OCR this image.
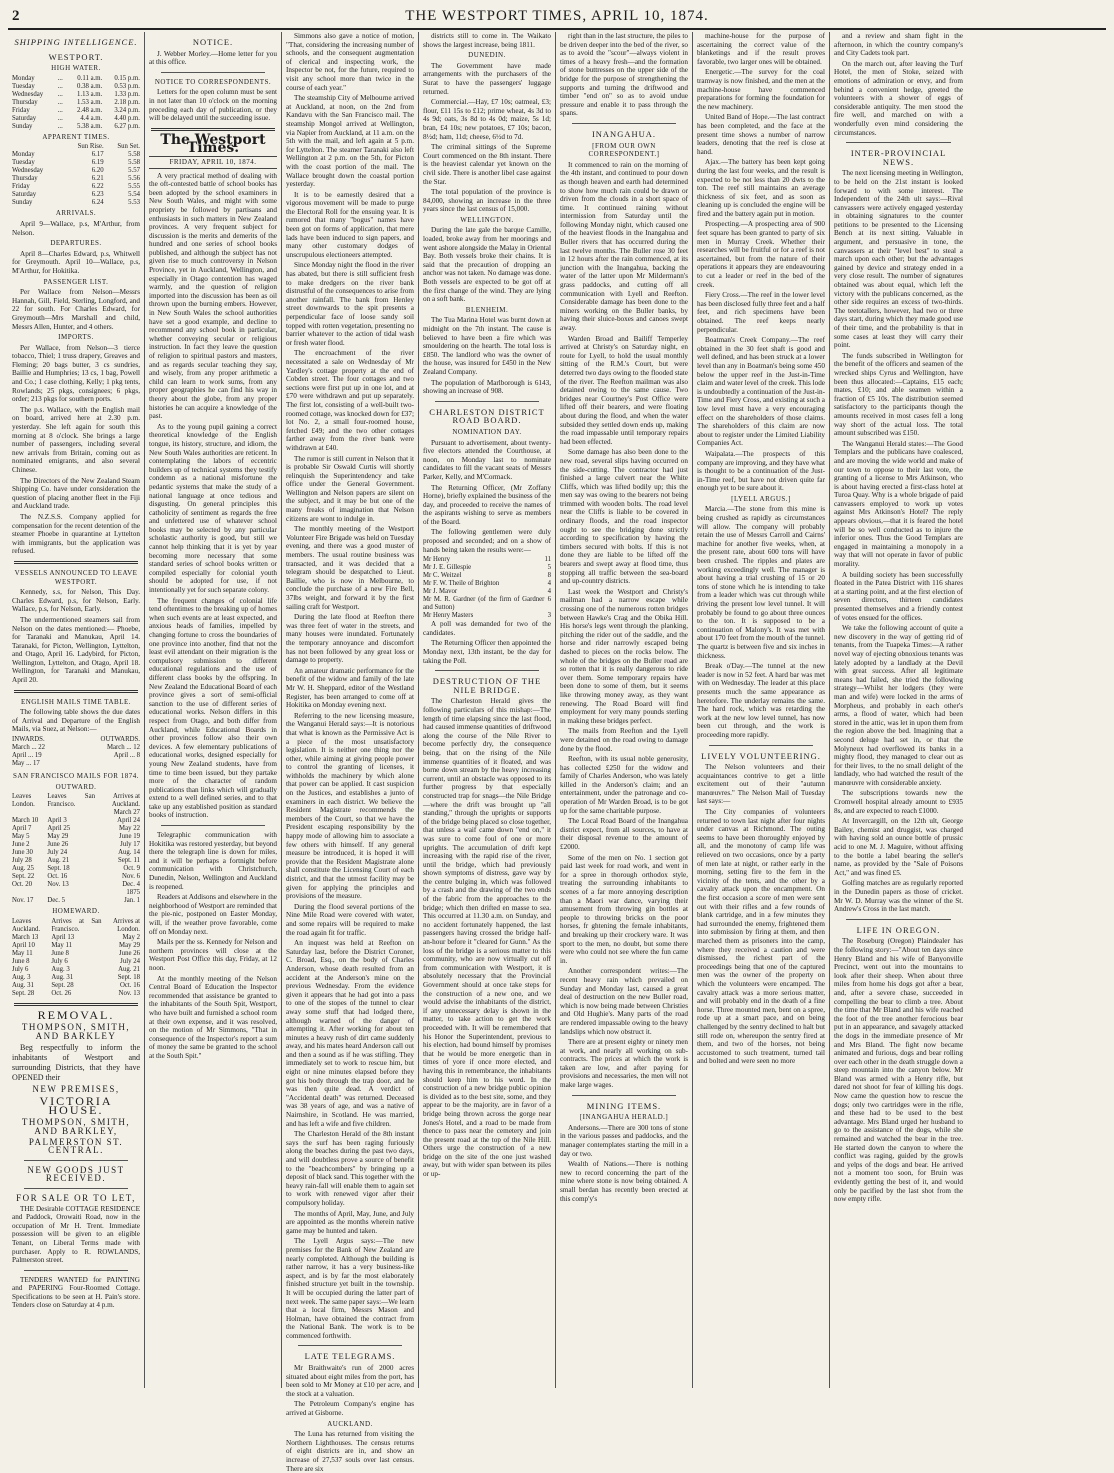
2	THE WESTPORT TIMES, APRIL 10, 1874.
SHIPPING INTELLIGENCE.
WESTPORT.
HIGH WATER.
Monday	...	0.11 a.m.	0.15 p.m.
Tuesday	...	0.38 a.m.	0.53 p.m.
Wednesday	...	1.13 a.m.	1.33 p.m.
Thursday	...	1.53 a.m.	2.18 p.m.
Friday	...	2.48 a.m.	3.24 p.m.
Saturday	...	4.4 a.m.	4.40 p.m.
Sunday	...	5.38 a.m.	6.27 p.m.
APPARENT TIMES.
	Sun Rise.	Sun Set.
Monday	6.17	5.58
Tuesday	6.19	5.58
Wednesday	6.20	5.57
Thursday	6.21	5.56
Friday	6.22	5.55
Saturday	6.23	5.54
Sunday	6.24	5.53
ARRIVALS.

April 9—Wallace, p.s, M'Arthur, from Nelson.

DEPARTURES.

April 8—Charles Edward, p.s, Whitwell for Greymouth. April 10—Wallace, p.s, M'Arthur, for Hokitika.

PASSENGER LIST.

Per Wallace from Nelson—Messrs Hannah, Gill, Field, Sterling, Longford, and 22 for south. For Charles Edward, for Greymouth—Mrs Marshall and child, Messrs Allen, Hunter, and 4 others.

IMPORTS.

Per Wallace, from Nelson—3 tierce tobacco, Thiel; 1 truss drapery, Greaves and Fleming; 20 bags butter, 3 cs sundries, Baillie and Humphries; 13 cs, 1 bag, Powell and Co.; 1 case clothing, Kelly; 1 pkg tents, Rowlands; 25 pkgs, consignees; 6 pkgs, order; 213 pkgs for southern ports.

The p.s. Wallace, with the English mail on board, arrived here at 2.30 p.m. yesterday. She left again for south this morning at 8 o'clock. She brings a large number of passengers, including several new arrivals from Britain, coming out as nominated emigrants, and also several Chinese.

The Directors of the New Zealand Steam Shipping Co. have under consideration the question of placing another fleet in the Fiji and Auckland trade.

The N.Z.S.S. Company applied for compensation for the recent detention of the steamer Phoebe in quarantine at Lyttelton with immigrants, but the application was refused.

VESSELS ANNOUNCED TO LEAVE WESTPORT.

Kennedy, s.s, for Nelson, This Day. Charles Edward, p.s, for Nelson, Early. Wallace, p.s, for Nelson, Early.

The undermentioned steamers sail from Nelson on the dates mentioned:— Phoebe, for Taranaki and Manukau, April 14. Taranaki, for Picton, Wellington, Lyttelton, and Otago, April 16. Ladybird, for Picton, Wellington, Lyttelton, and Otago, April 18. Wellington, for Taranaki and Manukau, April 20.

ENGLISH MAILS TIME TABLE.

The following table shows the due dates of Arrival and Departure of the English Mails, via Suez, at Nelson:—

INWARDS.	OUTWARDS.
March ... 22	March ... 12
April ... 19	April ... 8
May ... 17	
SAN FRANCISCO MAILS FOR 1874.
OUTWARD.
Leaves London.	Leaves San Francisco.	Arrives at Auckland.
		March 27
March 10	April 3	April 24
April 7	April 25	May 22
May 5	May 29	June 19
June 2	June 26	July 17
June 30	July 24	Aug. 14
July 28	Aug. 21	Sept. 11
Aug. 25	Sept. 18	Oct. 9
Sept. 22	Oct. 16	Nov. 6
Oct. 20	Nov. 13	Dec. 4
		1875
Nov. 17	Dec. 5	Jan. 1
HOMEWARD.
Leaves Auckland.	Arrives at San Francisco.	Arrives at London.
March 13	April 13	May 2
April 10	May 11	May 29
May 11	June 8	June 26
June 8	July 6	July 24
July 6	Aug. 3	Aug. 21
Aug. 3	Aug. 31	Sept. 18
Aug. 31	Sept. 28	Oct. 16
Sept. 28	Oct. 26	Nov. 13
REMOVAL.
THOMPSON, SMITH, AND BARKLEY

Beg respectfully to inform the inhabitants of Westport and surrounding Districts, that they have OPENED their

NEW PREMISES,
VICTORIA HOUSE.
THOMPSON, SMITH, AND BARKLEY,
PALMERSTON ST. CENTRAL.
NEW GOODS JUST RECEIVED.
FOR SALE OR TO LET,

THE Desirable COTTAGE RESIDENCE and Paddock, Orowaiti Road, now in the occupation of Mr H. Trent. Immediate possession will be given to an eligible Tenant, on Liberal Terms made with purchaser. Apply to R. ROWLANDS, Palmerston street.

TENDERS WANTED for PAINTING and PAPERING Four-Roomed Cottage. Specifications to be seen at H. Pain's store. Tenders close on Saturday at 4 p.m.

NOTICE.

J. Webber Morley.—Home letter for you at this office.

NOTICE TO CORRESPONDENTS.

Letters for the open column must be sent in not later than 10 o'clock on the morning preceding each day of publication, or they will be delayed until the succeeding issue.

The Westport Times.
FRIDAY, APRIL 10, 1874.

A very practical method of dealing with the oft-contested battle of school books has been adopted by the school examiners in New South Wales, and might with some propriety be followed by partisans and enthusiasts in such matters in New Zealand provinces. A very frequent subject for discussion is the merits and demerits of the hundred and one series of school books published, and although the subject has not given rise to much controversy in Nelson Province, yet in Auckland, Wellington, and especially in Otago contention has waged warmly, and the question of religion imported into the discussion has been as oil thrown upon the burning embers. However, in New South Wales the school authorities have set a good example, and decline to recommend any school book in particular, whether conveying secular or religious instruction. In fact they leave the question of religion to spiritual pastors and masters, and as regards secular teaching they say, and wisely, from any proper arithmetic a child can learn to work sums, from any proper geographies he can find his way in theory about the globe, from any proper histories he can acquire a knowledge of the past.

As to the young pupil gaining a correct theoretical knowledge of the English tongue, its history, structure, and idiom, the New South Wales authorities are reticent. In contemplating the labors of eccentric builders up of technical systems they testify condemn as a national misfortune the pedantic systems that make the study of a national language at once tedious and disgusting. On general principles this catholicity of sentiment as regards the free and unfettered use of whatever school books may be selected by any particular scholastic authority is good, but still we cannot help thinking that it is yet by year becoming more necessary that some standard series of school books written or compiled especially for colonial youth should be adopted for use, if not intentionally yet for such separate colony.

The frequent changes of colonial life tend oftentimes to the breaking up of homes when such events are at least expected, and anxious heads of families, impelled by changing fortune to cross the boundaries of one province into another, find that not the least evil attendant on their migration is the compulsory submission to different educational regulations and the use of different class books by the offspring. In New Zealand the Educational Board of each province gives a sort of semi-official sanction to the use of different series of educational works. Nelson differs in this respect from Otago, and both differ from Auckland, while Educational Boards in other provinces follow also their own devices. A few elementary publications of educational works, designed especially for young New Zealand students, have from time to time been issued, but they partake more of the character of random publications than links which will gradually extend to a well defined series, and to that take up any established position as standard books of instruction.

Telegraphic communication with Hokitika was restored yesterday, but beyond there the telegraph line is down for miles, and it will be perhaps a fortnight before communication with Christchurch, Dunedin, Nelson, Wellington and Auckland is reopened.

Readers at Addisons and elsewhere in the neighborhood of Westport are reminded that the pie-nic, postponed on Easter Monday, will, if the weather prove favorable, come off on Monday next.

Mails per the ss. Kennedy for Nelson and northern provinces will close at the Westport Post Office this day, Friday, at 12 noon.

At the monthly meeting of the Nelson Central Board of Education the Inspector recommended that assistance be granted to the inhabitants of the South Spit, Westport, who have built and furnished a school room at their own expense, and it was resolved, on the motion of Mr Simmons, "That in consequence of the Inspector's report a sum of money the same be granted to the school at the South Spit."

Simmons also gave a notice of motion, "That, considering the increasing number of schools, and the consequent augmentation of clerical and inspecting work, the Inspector be not, for the future, required to visit any school more than twice in the course of each year."

The steamship City of Melbourne arrived at Auckland, at noon, on the 2nd from Kandavu with the San Francisco mail. The steamship Mongol arrived at Wellington, via Napier from Auckland, at 11 a.m. on the 5th with the mail, and left again at 5 p.m. for Lyttelton. The steamer Taranaki also left Wellington at 2 p.m. on the 5th, for Picton with the coast portion of the mail. The Wallace brought down the coastal portion yesterday.

It is to be earnestly desired that a vigorous movement will be made to purge the Electoral Roll for the ensuing year. It is rumored that many "bogus" names have been got on forms of application, that mere lads have been induced to sign papers, and many other customary dodges of unscrupulous electioneers attempted.

Since Monday night the flood in the river has abated, but there is still sufficient fresh to make dredgers on the river bank distrustful of the consequences to arise from another rainfall. The bank from Henley street downwards to the spit presents a perpendicular face of loose sandy soil topped with rotten vegetation, presenting no barrier whatever to the action of tidal wash or fresh water flood.

The encroachment of the river necessitated a sale on Wednesday of Mr Yardley's cottage property at the end of Cobden street. The four cottages and two sections were first put up in one lot, and at £70 were withdrawn and put up separately. The first lot, consisting of a well-built two-roomed cottage, was knocked down for £37; lot No. 2, a small four-roomed house, fetched £49; and the two other cottages farther away from the river bank were withdrawn at £40.

The rumor is still current in Nelson that it is probable Sir Oswald Curtis will shortly relinquish the Superintendency and take office under the General Government. Wellington and Nelson papers are silent on the subject, and it may be but one of the many freaks of imagination that Nelson citizens are wont to indulge in.

The monthly meeting of the Westport Volunteer Fire Brigade was held on Tuesday evening, and there was a good muster of members. The usual routine business was transacted, and it was decided that a telegram should be despatched to Lieut. Baillie, who is now in Melbourne, to conclude the purchase of a new Fire Bell, 37lbs weight, and forward it by the first sailing craft for Westport.

During the late flood at Reefton there was three feet of water in the streets, and many houses were inundated. Fortunately the temporary annoyance and discomfort has not been followed by any great loss or damage to property.

An amateur dramatic performance for the benefit of the widow and family of the late Mr W. H. Sheppard, editor of the Westland Register, has been arranged to come off at Hokitika on Monday evening next.

Referring to the new licensing measure, the Wanganui Herald says:—It is notorious that what is known as the Permissive Act is a piece of the most unsatisfactory legislation. It is neither one thing nor the other, while aiming at giving people power to control the granting of licenses, it withholds the machinery by which alone that power can be applied. It cast suspicion on the Justices, and establishes a junto of examiners in each district. We believe the Resident Magistrate recommends the members of the Court, so that we have the President escaping responsibility by the happy mode of allowing him to associate a few others with himself. If any general measure be introduced, it is hoped it will provide that the Resident Magistrate alone shall constitute the Licensing Court of each district, and that the utmost facility may be given for applying the principles and provisions of the measure.

During the flood several portions of the Nine Mile Road were covered with water, and some repairs will be required to make the road again fit for traffic.

An inquest was held at Reefton on Saturday last, before the District Coroner, C. Broad, Esq., on the body of Charles Anderson, whose death resulted from an accident at the Anderson's mine on the previous Wednesday. From the evidence given it appears that he had got into a pass to one of the stopes of the tunnel to clear away some stuff that had lodged there, although warned of the danger of attempting it. After working for about ten minutes a heavy rush of dirt came suddenly away, and his mates heard Anderson call out and then a sound as if he was stifling. They immediately set to work to rescue him, but eight or nine minutes elapsed before they got his body through the trap door, and he was then quite dead. A verdict of "Accidental death" was returned. Deceased was 38 years of age, and was a native of Nairnshire, in Scotland. He was married, and has left a wife and five children.

The Charleston Herald of the 8th instant says the surf has been raging furiously along the beaches during the past two days, and will doubtless prove a source of benefit to the "beachcombers" by bringing up a deposit of black sand. This together with the heavy rain-fall will enable them to again set to work with renewed vigor after their compulsory holiday.

The months of April, May, June, and July are appointed as the months wherein native game may be hunted and taken.

The Lyell Argus says:—The new premises for the Bank of New Zealand are nearly completed. Although the building is rather narrow, it has a very business-like aspect, and is by far the most elaborately finished structure yet built in the township. It will be occupied during the latter part of next week. The same paper says:—We learn that a local firm, Messrs Mason and Holman, have obtained the contract from the National Bank. The work is to be commenced forthwith.

LATE TELEGRAMS.

Mr Braithwaite's run of 2000 acres situated about eight miles from the port, has been sold to Mr Money at £10 per acre, and the stock at a valuation.

The Petroleum Company's engine has arrived at Gisborne.

AUCKLAND.

The Luna has returned from visiting the Northern Lighthouses. The census returns of eight districts are in, and show an increase of 27,537 souls over last census. There are six

districts still to come in. The Waikato shows the largest increase, being 1811.

DUNEDIN.

The Government have made arrangements with the purchasers of the Surat to have the passengers' luggage returned.

Commercial.—Hay, £7 10s; oatmeal, £3; flour, £11 15s to £12; prime wheat, 4s 3d to 4s 9d; oats, 3s 8d to 4s 0d; maize, 5s 1d; bran, £4 10s; new potatoes, £7 10s; bacon, 8½d; ham, 11d; cheese, 6½d to 7d.

The criminal sittings of the Supreme Court commenced on the 8th instant. There is the heaviest calendar yet known on the civil side. There is another libel case against the Star.

The total population of the province is 84,000, showing an increase in the three years since the last census of 15,000.

WELLINGTON.

During the late gale the barque Camille, loaded, broke away from her moorings and went ashore alongside the Malay in Oriental Bay. Both vessels broke their chains. It is said that the precaution of dropping an anchor was not taken. No damage was done. Both vessels are expected to be got off at the first change of the wind. They are lying on a soft bank.

BLENHEIM.

The Tua Marina Hotel was burnt down at midnight on the 7th instant. The cause is believed to have been a fire which was smouldering on the hearth. The total loss is £850. The landlord who was the owner of the house, was insured for £450 in the New Zealand Company.

The population of Marlborough is 6143, showing an increase of 908.

CHARLESTON DISTRICT ROAD BOARD.
NOMINATION DAY.

Pursuant to advertisement, about twenty-five electors attended the Courthouse, at noon, on Monday last to nominate candidates to fill the vacant seats of Messrs Parker, Kelly, and M'Cormack.

The Returning Officer, (Mr Zoffany Horne), briefly explained the business of the day, and proceeded to receive the names of the aspirants wishing to serve as members of the Board.

The following gentlemen were duly proposed and seconded; and on a show of hands being taken the results were:—

Mr Henry	11
Mr J. E. Gillespie	5
Mr C. Weitzel	8
Mr F. W. Theile of Brighton	4
Mr J. Mavor	4
Mr M. R. Gardner (of the firm of Gardner and Sutton)	6
Mr Henry Masters	3

A poll was demanded for two of the candidates.

The Returning Officer then appointed the Monday next, 13th instant, be the day for taking the Poll.

DESTRUCTION OF THE NILE BRIDGE.

The Charleston Herald gives the following particulars of this mishap:—The length of time elapsing since the last flood, had caused immense quantities of driftwood along the course of the Nile River to become perfectly dry, the consequence being, that on the rising of the Nile immense quantities of it floated, and was borne down stream by the heavy increasing current, until an obstacle was opposed to its further progress by that especially constructed trap for snags—the Nile Bridge—where the drift was brought up "all standing," through the uprights or supports of the bridge being placed so close together, that unless a waif came down "end on," it was sure to come foul of one or more uprights. The accumulation of drift kept increasing with the rapid rise of the river, until the bridge, which had previously shown symptoms of distress, gave way by the centre bulging in, which was followed by a crash and the drawing of the two ends of the fabric from the approaches to the bridge; which then drifted en masse to sea. This occurred at 11.30 a.m. on Sunday, and no accident fortunately happened, the last passengers having crossed the bridge half-an-hour before it "cleared for Gunn." As the loss of the bridge is a serious matter to this community, who are now virtually cut off from communication with Westport, it is absolutely necessary that the Provincial Government should at once take steps for the construction of a new one, and we would advise the inhabitants of the district, if any unnecessary delay is shown in the matter, to take action to get the work proceeded with. It will be remembered that his Honor the Superintendent, previous to his election, had bound himself by promises that he would be more energetic than in times of yore if once more elected, and having this in remembrance, the inhabitants should keep him to his word. In the construction of a new bridge public opinion is divided as to the best site, some, and they appear to be the majority, are in favor of a bridge being thrown across the gorge near Jones's Hotel, and a road to be made from thence to pass near the cemetery and join the present road at the top of the Nile Hill. Others urge the construction of a new bridge on the site of the one just washed away, but with wider span between its piles or up-

right than in the last structure, the piles to be driven deeper into the bed of the river, so as to avoid the "scour"—always violent in times of a heavy fresh—and the formation of stone buttresses on the upper side of the bridge for the purpose of strengthening the supports and turning the driftwood and timber "end on" so as to avoid undue pressure and enable it to pass through the spans.

INANGAHUA.
[FROM OUR OWN CORRESPONDENT.]

It commenced to rain on the morning of the 4th instant, and continued to pour down as though heaven and earth had determined to show how much rain could be drawn or driven from the clouds in a short space of time. It continued raining without intermission from Saturday until the following Monday night, which caused one of the heaviest floods in the Inangahua and Buller rivers that has occurred during the last twelve months. The Buller rose 30 feet in 12 hours after the rain commenced, at its junction with the Inangahua, backing the water of the latter upon Mr Mildermann's grass paddocks, and cutting off all communication with Lyell and Reefton. Considerable damage has been done to the miners working on the Buller banks, by having their sluice-boxes and canoes swept away.

Warden Broad and Bailiff Temperley arrived at Christy's on Saturday night, en route for Lyell, to hold the usual monthly sitting of the R.M.'s Court, but were deterred two days owing to the flooded state of the river. The Reefton mailman was also detained owing to the same cause. Two bridges near Courtney's Post Office were lifted off their bearers, and were floating about during the flood, and when the water subsided they settled down ends up, making the road impassable until temporary repairs had been effected.

Some damage has also been done to the new road, several slips having occurred on the side-cutting. The contractor had just finished a large culvert near the White Cliffs, which was lifted bodily up; this the men say was owing to the bearers not being trimmed with wooden bolts. The road level near the Cliffs is liable to be covered in ordinary floods, and the road inspector ought to see the bridging done strictly according to specification by having the timbers secured with bolts. If this is not done they are liable to be lifted off the bearers and swept away at flood time, thus stopping all traffic between the sea-board and up-country districts.

Last week the Westport and Christy's mailman had a narrow escape while crossing one of the numerous rotten bridges between Hawke's Crag and the Obika Hill. His horse's legs went through the planking, pitching the rider out of the saddle, and the horse and rider narrowly escaped being dashed to pieces on the rocks below. The whole of the bridges on the Buller road are so rotten that it is really dangerous to ride over them. Some temporary repairs have been done to some of them, but it seems like throwing money away, as they want renewing. The Road Board will find employment for very many pounds sterling in making these bridges perfect.

The mails from Reefton and the Lyell were detained on the road owing to damage done by the flood.

Reefton, with its usual noble generosity, has collected £250 for the widow and family of Charles Anderson, who was lately killed in the Anderson's claim; and an entertainment, under the patronage and co-operation of Mr Warden Broad, is to be got up for the same charitable purpose.

The Local Road Board of the Inangahua district expect, from all sources, to have at their disposal revenue to the amount of £2000.

Some of the men on No. 1 section got paid last week for road work, and went in for a spree in thorough orthodox style, treating the surrounding inhabitants to scenes of a far more annoying description than a Maori war dance, varying their amusement from throwing gin bottles at people to throwing bricks on the poor horses, fr ghtening the female inhabitants, and breaking up their crockery ware. It was sport to the men, no doubt, but some there were who could not see where the fun came in.

Another correspondent writes:—The recent heavy rain which prevailed on Sunday and Monday last, caused a great deal of destruction on the new Buller road, which is now being made between Christies and Old Hughie's. Many parts of the road are rendered impassable owing to the heavy landslips which now obstruct it.

There are at present eighty or ninety men at work, and nearly all working on sub-contracts. The prices at which the work is taken are low, and after paying for provisions and necessaries, the men will not make large wages.

MINING ITEMS.
[INANGAHUA HERALD.]

Andersons.—There are 300 tons of stone in the various passes and paddocks, and the manager contemplates starting the mill in a day or two.

Wealth of Nations.—There is nothing new to record concerning the part of the mine where stone is now being obtained. A small berdan has recently been erected at this comp'y's

machine-house for the purpose of ascertaining the correct value of the blanketings and if the result proves favorable, two larger ones will be obtained.

Energetic.—The survey for the coal tramway is now finished, and the men at the machine-house have commenced preparations for forming the foundation for the new machinery.

United Band of Hope.—The last contract has been completed, and the face at the present time shows a number of narrow leaders, denoting that the reef is close at hand.

Ajax.—The battery has been kept going during the last four weeks, and the result is expected to be not less than 20 dwts to the ton. The reef still maintains an average thickness of six feet, and as soon as cleaning up is concluded the engine will be fired and the battery again put in motion.

Prospecting.—A prospecting area of 900 feet square has been granted to party of six men in Murray Creek. Whether their researches will be fruitful or for a reef is not ascertained, but from the nature of their operations it appears they are endeavouring to cut a leader or reef in the bed of the creek.

Fiery Cross.—The reef in the lower level has been disclosed fully three feet and a half feet, and rich specimens have been obtained. The reef keeps nearly perpendicular.

Boatman's Creek Company.—The reef obtained in the 30 feet shaft is good and well defined, and has been struck at a lower level than any in Boatman's being some 450 below the upper reef in the Just-in-Time claim and water level of the creek. This lode is undoubtedly a continuation of the Just-in-Time and Fiery Cross, and existing at such a low level must have a very encouraging effect on the shareholders of those claims. The shareholders of this claim are now about to register under the Limited Liability Companies Act.

Waipalata.—The prospects of this company are improving, and they have what is thought to be a continuation of the Just-in-Time reef, but have not driven quite far enough yet to be sure about it.

[LYELL ARGUS.]

Marcia.—The stone from this mine is being crushed as rapidly as circumstances will allow. The company will probably retain the use of Messrs Carroll and Cairns' machine for another five weeks, when, at the present rate, about 600 tons will have been crushed. The ripples and plates are working exceedingly well. The manager is about having a trial crushing of 15 or 20 tons of stone which he is intending to take from a leader which was cut through while driving the present low level tunnel. It will probably be found to go about three ounces to the ton. It is supposed to be a continuation of Malony's. It was met with about 170 feet from the mouth of the tunnel. The quartz is between five and six inches in thickness.

Break o'Day.—The tunnel at the new leader is now in 52 feet. A hard bar was met with on Wednesday. The leader at this place presents much the same appearance as heretofore. The underlay remains the same. The hard rock, which was retarding the work at the new low level tunnel, has now been cut through, and the work is proceeding more rapidly.

LIVELY VOLUNTEERING.

The Nelson volunteers and their acquaintances contrive to get a little excitement out of their "autumn manœuvres." The Nelson Mail of Tuesday last says:—

The City companies of volunteers returned to town last night after four nights under canvas at Richmond. The outing seems to have been thoroughly enjoyed by all, and the monotony of camp life was relieved on two occasions, once by a party of men late at night, or rather early in the morning, setting fire to the fern in the vicinity of the tents, and the other by a cavalry attack upon the encampment. On the first occasion a score of men were sent out with their rifles and a few rounds of blank cartridge, and in a few minutes they had surrounded the enemy, frightened them into submission by firing at them, and then marched them as prisoners into the camp, where they received a caution and were dismissed, the richest part of the proceedings being that one of the captured men was the owner of the property on which the volunteers were encamped. The cavalry attack was a more serious matter, and will probably end in the death of a fine horse. Three mounted men, bent on a spree, rode up at a smart pace, and on being challenged by the sentry declined to halt but still rode on, whereupon the sentry fired at them, and two of the horses, not being accustomed to such treatment, turned tail and bolted and were seen no more

and a review and sham fight in the afternoon, in which the country company's and City Cadets took part.

On the march out, after leaving the Turf Hotel, the men of Stoke, seized with emotions of admiration or envy, and from behind a convenient hedge, greeted the volunteers with a shower of eggs of considerable antiquity. The men stood the fire well, and marched on with a wonderfully even mind considering the circumstances.

INTER-PROVINCIAL NEWS.

The next licensing meeting in Wellington, to be held on the 21st instant is looked forward to with some interest. The Independent of the 24th ult says:—Rival canvassers were actively engaged yesterday in obtaining signatures to the counter petitions to be presented to the Licensing Bench at its next sitting. Valuable in argument, and persuasive in tone, the canvassers at their "level best" to steal a march upon each other; but the advantages gained by device and strategy ended in a very close result. The number of signatures obtained was about equal, which left the victory with the publicans concerned, as the other side requires an excess of two-thirds. The teetotallers, however, had two or three days start, during which they made good use of their time, and the probability is that in some cases at least they will carry their point.

The funds subscribed in Wellington for the benefit of the officers and seamen of the wrecked ships Cyrus and Wellington, have been thus allocated:—Captains, £15 each; mates, £10; and able seamen within a fraction of £5 10s. The distribution seemed satisfactory to the participants though the amounts received in most cases fell a long way short of the actual loss. The total amount subscribed was £150.

The Wanganui Herald states:—The Good Templars and the publicans have coalesced, and are moving the wide world and make of our town to oppose to their last vote, the granting of a license to Mrs Atkinson, who is about having erected a first-class hotel at Turoa Quay. Why is a whole brigade of paid canvassers employed to work up votes against Mrs Atkinson's Hotel? The reply appears obvious,—that it is feared the hotel will be so well conducted as to injure the inferior ones. Thus the Good Templars are engaged in maintaining a monopoly in a way that will not operate in favor of public morality.

A building society has been successfully floated in the Patea District with 116 shares at a starting point, and at the first election of seven directors, thirteen candidates presented themselves and a friendly contest of votes ensued for the offices.

We take the following account of quite a new discovery in the way of getting rid of tenants, from the Tuapeka Times:—A rather novel way of ejecting obnoxious tenants was lately adopted by a landlady at the Devil with great success. After all legitimate means had failed, she tried the following strategy—Whilst her lodgers (they were man and wife) were locked in the arms of Morpheus, and probably in each other's arms, a flood of water, which had been stored in the attic, was let in upon them from the region above the bed. Imagining that a second deluge had set in, or that the Molyneux had overflowed its banks in a mighty flood, they managed to clear out as for their lives, to the no small delight of the landlady, who had watched the result of the manœuvre with considerable anxiety.

The subscriptions towards new the Cromwell hospital already amount to £935 8s, and are expected to reach £1000.

At Invercargill, on the 12th ult, George Bailey, chemist and druggist, was charged with having sold an ounce bottle of prussic acid to one M. J. Maguire, without affixing to the bottle a label bearing the seller's name, as provided by the "Sale of Poisons Act," and was fined £5.

Golfing matches are as regularly reported in the Dunedin papers as those of cricket. Mr W. D. Murray was the winner of the St. Andrew's Cross in the last match.

LIFE IN OREGON.

The Roseburg (Oregon) Plaindealer has the following story:—"About ten days since Henry Bland and his wife of Banyonville Precinct, went out into the mountains to look after their sheep. When about three miles from home his dogs got after a bear, and, after a severe chase, succeeded in compelling the bear to climb a tree. About the time that Mr Bland and his wife reached the foot of the tree another ferocious bear put in an appearance, and savagely attacked the dogs in the immediate presence of Mr and Mrs Bland. The fight now became animated and furious, dogs and bear rolling over each other in the death struggle down a steep mountain into the canyon below. Mr Bland was armed with a Henry rifle, but dared not shoot for fear of killing his dogs. Now came the question how to rescue the dogs; only two cartridges were in the rifle, and these had to be used to the best advantage. Mrs Bland urged her husband to go to the assistance of the dogs, while she remained and watched the bear in the tree. He started down the canyon to where the conflict was raging, guided by the growls and yelps of the dogs and bear. He arrived not a moment too soon, for Bruin was evidently getting the best of it, and would only be pacified by the last shot from the now empty rifle.
